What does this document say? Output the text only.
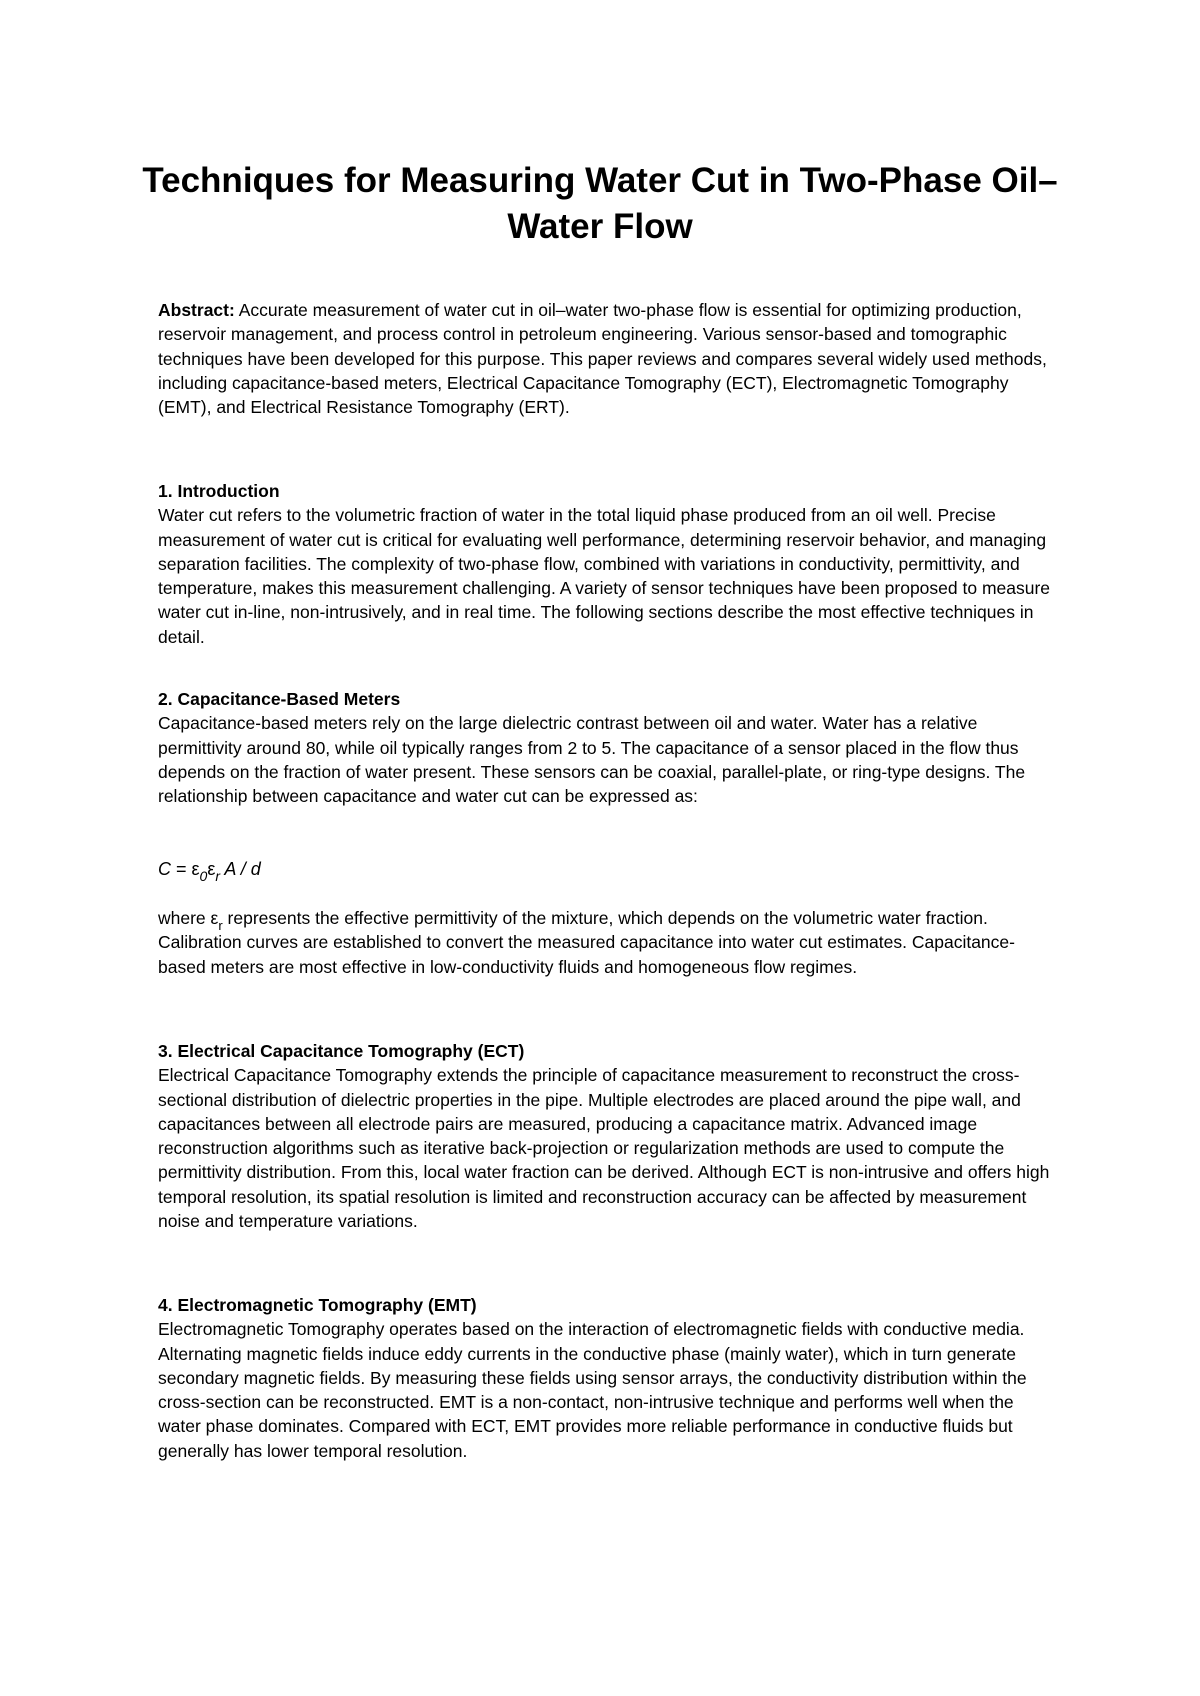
Techniques for Measuring Water Cut in Two-Phase Oil–Water Flow

Abstract: Accurate measurement of water cut in oil–water two-phase flow is essential for optimizing production, reservoir management, and process control in petroleum engineering. Various sensor-based and tomographic techniques have been developed for this purpose. This paper reviews and compares several widely used methods, including capacitance-based meters, Electrical Capacitance Tomography (ECT), Electromagnetic Tomography (EMT), and Electrical Resistance Tomography (ERT).

1. Introduction

Water cut refers to the volumetric fraction of water in the total liquid phase produced from an oil well. Precise measurement of water cut is critical for evaluating well performance, determining reservoir behavior, and managing separation facilities. The complexity of two-phase flow, combined with variations in conductivity, permittivity, and temperature, makes this measurement challenging. A variety of sensor techniques have been proposed to measure water cut in-line, non-intrusively, and in real time. The following sections describe the most effective techniques in detail.

2. Capacitance-Based Meters

Capacitance-based meters rely on the large dielectric contrast between oil and water. Water has a relative permittivity around 80, while oil typically ranges from 2 to 5. The capacitance of a sensor placed in the flow thus depends on the fraction of water present. These sensors can be coaxial, parallel-plate, or ring-type designs. The relationship between capacitance and water cut can be expressed as:

$C = \varepsilon_0\varepsilon_r$ A / d

where $\varepsilon_r$ represents the effective permittivity of the mixture, which depends on the volumetric water fraction. Calibration curves are established to convert the measured capacitance into water cut estimates. Capacitance-based meters are most effective in low-conductivity fluids and homogeneous flow regimes.

3. Electrical Capacitance Tomography (ECT)

Electrical Capacitance Tomography extends the principle of capacitance measurement to reconstruct the cross-sectional distribution of dielectric properties in the pipe. Multiple electrodes are placed around the pipe wall, and capacitances between all electrode pairs are measured, producing a capacitance matrix. Advanced image reconstruction algorithms such as iterative back-projection or regularization methods are used to compute the permittivity distribution. From this, local water fraction can be derived. Although ECT is non-intrusive and offers high temporal resolution, its spatial resolution is limited and reconstruction accuracy can be affected by measurement noise and temperature variations.

4. Electromagnetic Tomography (EMT)

Electromagnetic Tomography operates based on the interaction of electromagnetic fields with conductive media. Alternating magnetic fields induce eddy currents in the conductive phase (mainly water), which in turn generate secondary magnetic fields. By measuring these fields using sensor arrays, the conductivity distribution within the cross-section can be reconstructed. EMT is a non-contact, non-intrusive technique and performs well when the water phase dominates. Compared with ECT, EMT provides more reliable performance in conductive fluids but generally has lower temporal resolution.
